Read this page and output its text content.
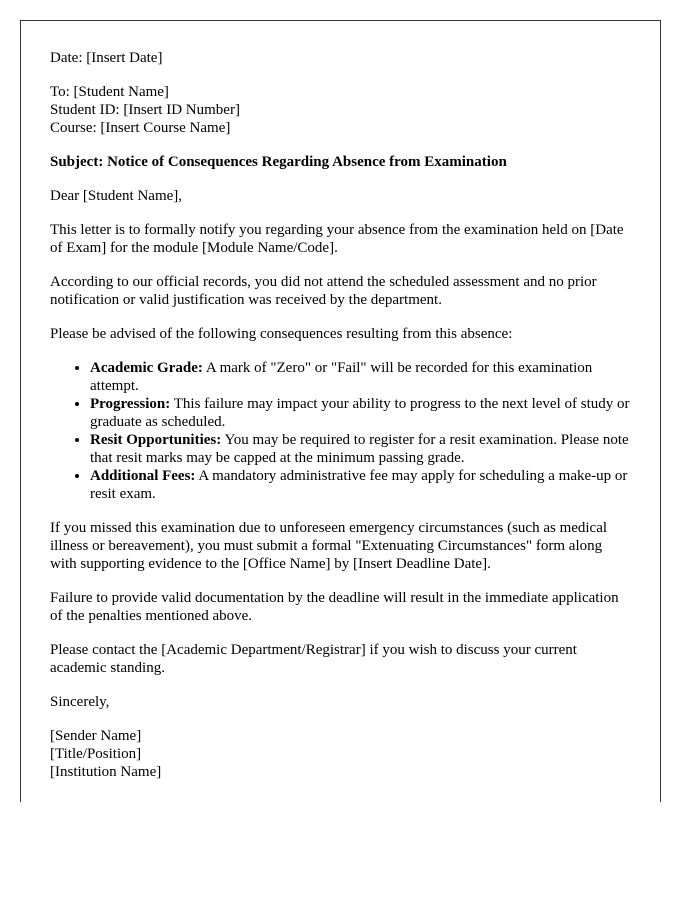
Date: [Insert Date]

To: [Student Name]
Student ID: [Insert ID Number]
Course: [Insert Course Name]

Subject: Notice of Consequences Regarding Absence from Examination

Dear [Student Name],

This letter is to formally notify you regarding your absence from the examination held on [Date of Exam] for the module [Module Name/Code].

According to our official records, you did not attend the scheduled assessment and no prior notification or valid justification was received by the department.

Please be advised of the following consequences resulting from this absence:

• Academic Grade: A mark of "Zero" or "Fail" will be recorded for this examination attempt.
• Progression: This failure may impact your ability to progress to the next level of study or graduate as scheduled.
• Resit Opportunities: You may be required to register for a resit examination. Please note that resit marks may be capped at the minimum passing grade.
• Additional Fees: A mandatory administrative fee may apply for scheduling a make-up or resit exam.

If you missed this examination due to unforeseen emergency circumstances (such as medical illness or bereavement), you must submit a formal "Extenuating Circumstances" form along with supporting evidence to the [Office Name] by [Insert Deadline Date].

Failure to provide valid documentation by the deadline will result in the immediate application of the penalties mentioned above.

Please contact the [Academic Department/Registrar] if you wish to discuss your current academic standing.

Sincerely,

[Sender Name]
[Title/Position]
[Institution Name]
